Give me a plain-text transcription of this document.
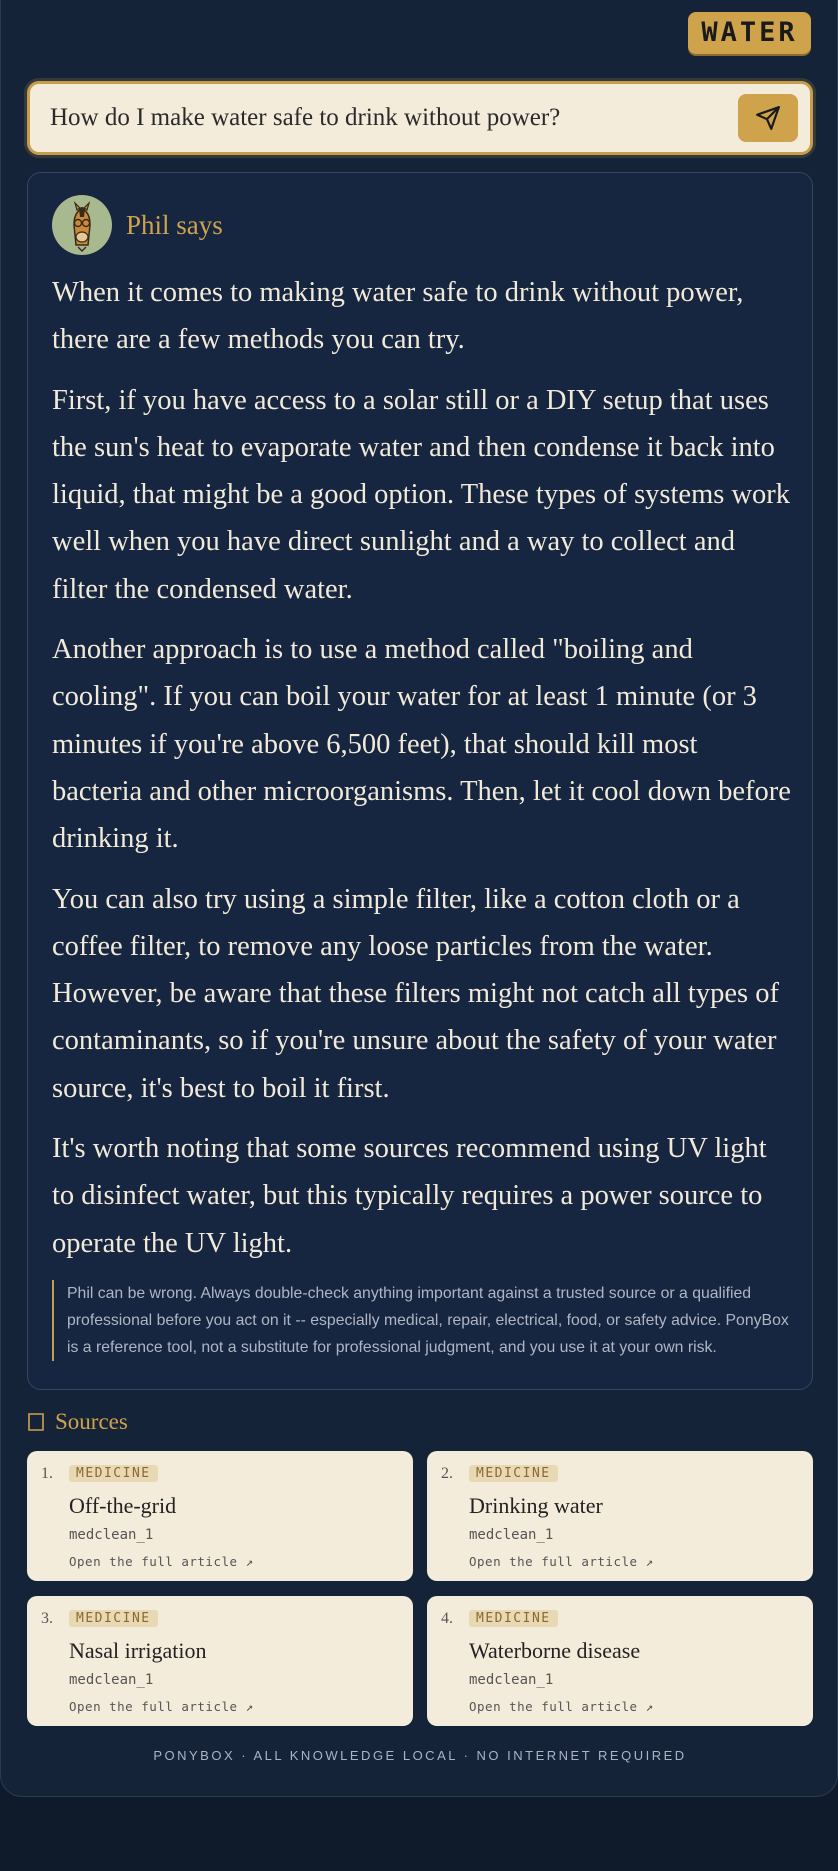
WATER
How do I make water safe to drink without power?
Phil says

When it comes to making water safe to drink without power, there are a few methods you can try.

First, if you have access to a solar still or a DIY setup that uses the sun's heat to evaporate water and then condense it back into liquid, that might be a good option. These types of systems work well when you have direct sunlight and a way to collect and filter the condensed water.

Another approach is to use a method called "boiling and cooling". If you can boil your water for at least 1 minute (or 3 minutes if you're above 6,500 feet), that should kill most bacteria and other microorganisms. Then, let it cool down before drinking it.

You can also try using a simple filter, like a cotton cloth or a coffee filter, to remove any loose particles from the water. However, be aware that these filters might not catch all types of contaminants, so if you're unsure about the safety of your water source, it's best to boil it first.

It's worth noting that some sources recommend using UV light to disinfect water, but this typically requires a power source to operate the UV light.

Phil can be wrong. Always double-check anything important against a trusted source or a qualified professional before you act on it -- especially medical, repair, electrical, food, or safety advice. PonyBox is a reference tool, not a substitute for professional judgment, and you use it at your own risk.
Sources
1.	MEDICINE
Off-the-grid
medclean_1
Open the full article ↗
2.	MEDICINE
Drinking water
medclean_1
Open the full article ↗
3.	MEDICINE
Nasal irrigation
medclean_1
Open the full article ↗
4.	MEDICINE
Waterborne disease
medclean_1
Open the full article ↗
PONYBOX · ALL KNOWLEDGE LOCAL · NO INTERNET REQUIRED
